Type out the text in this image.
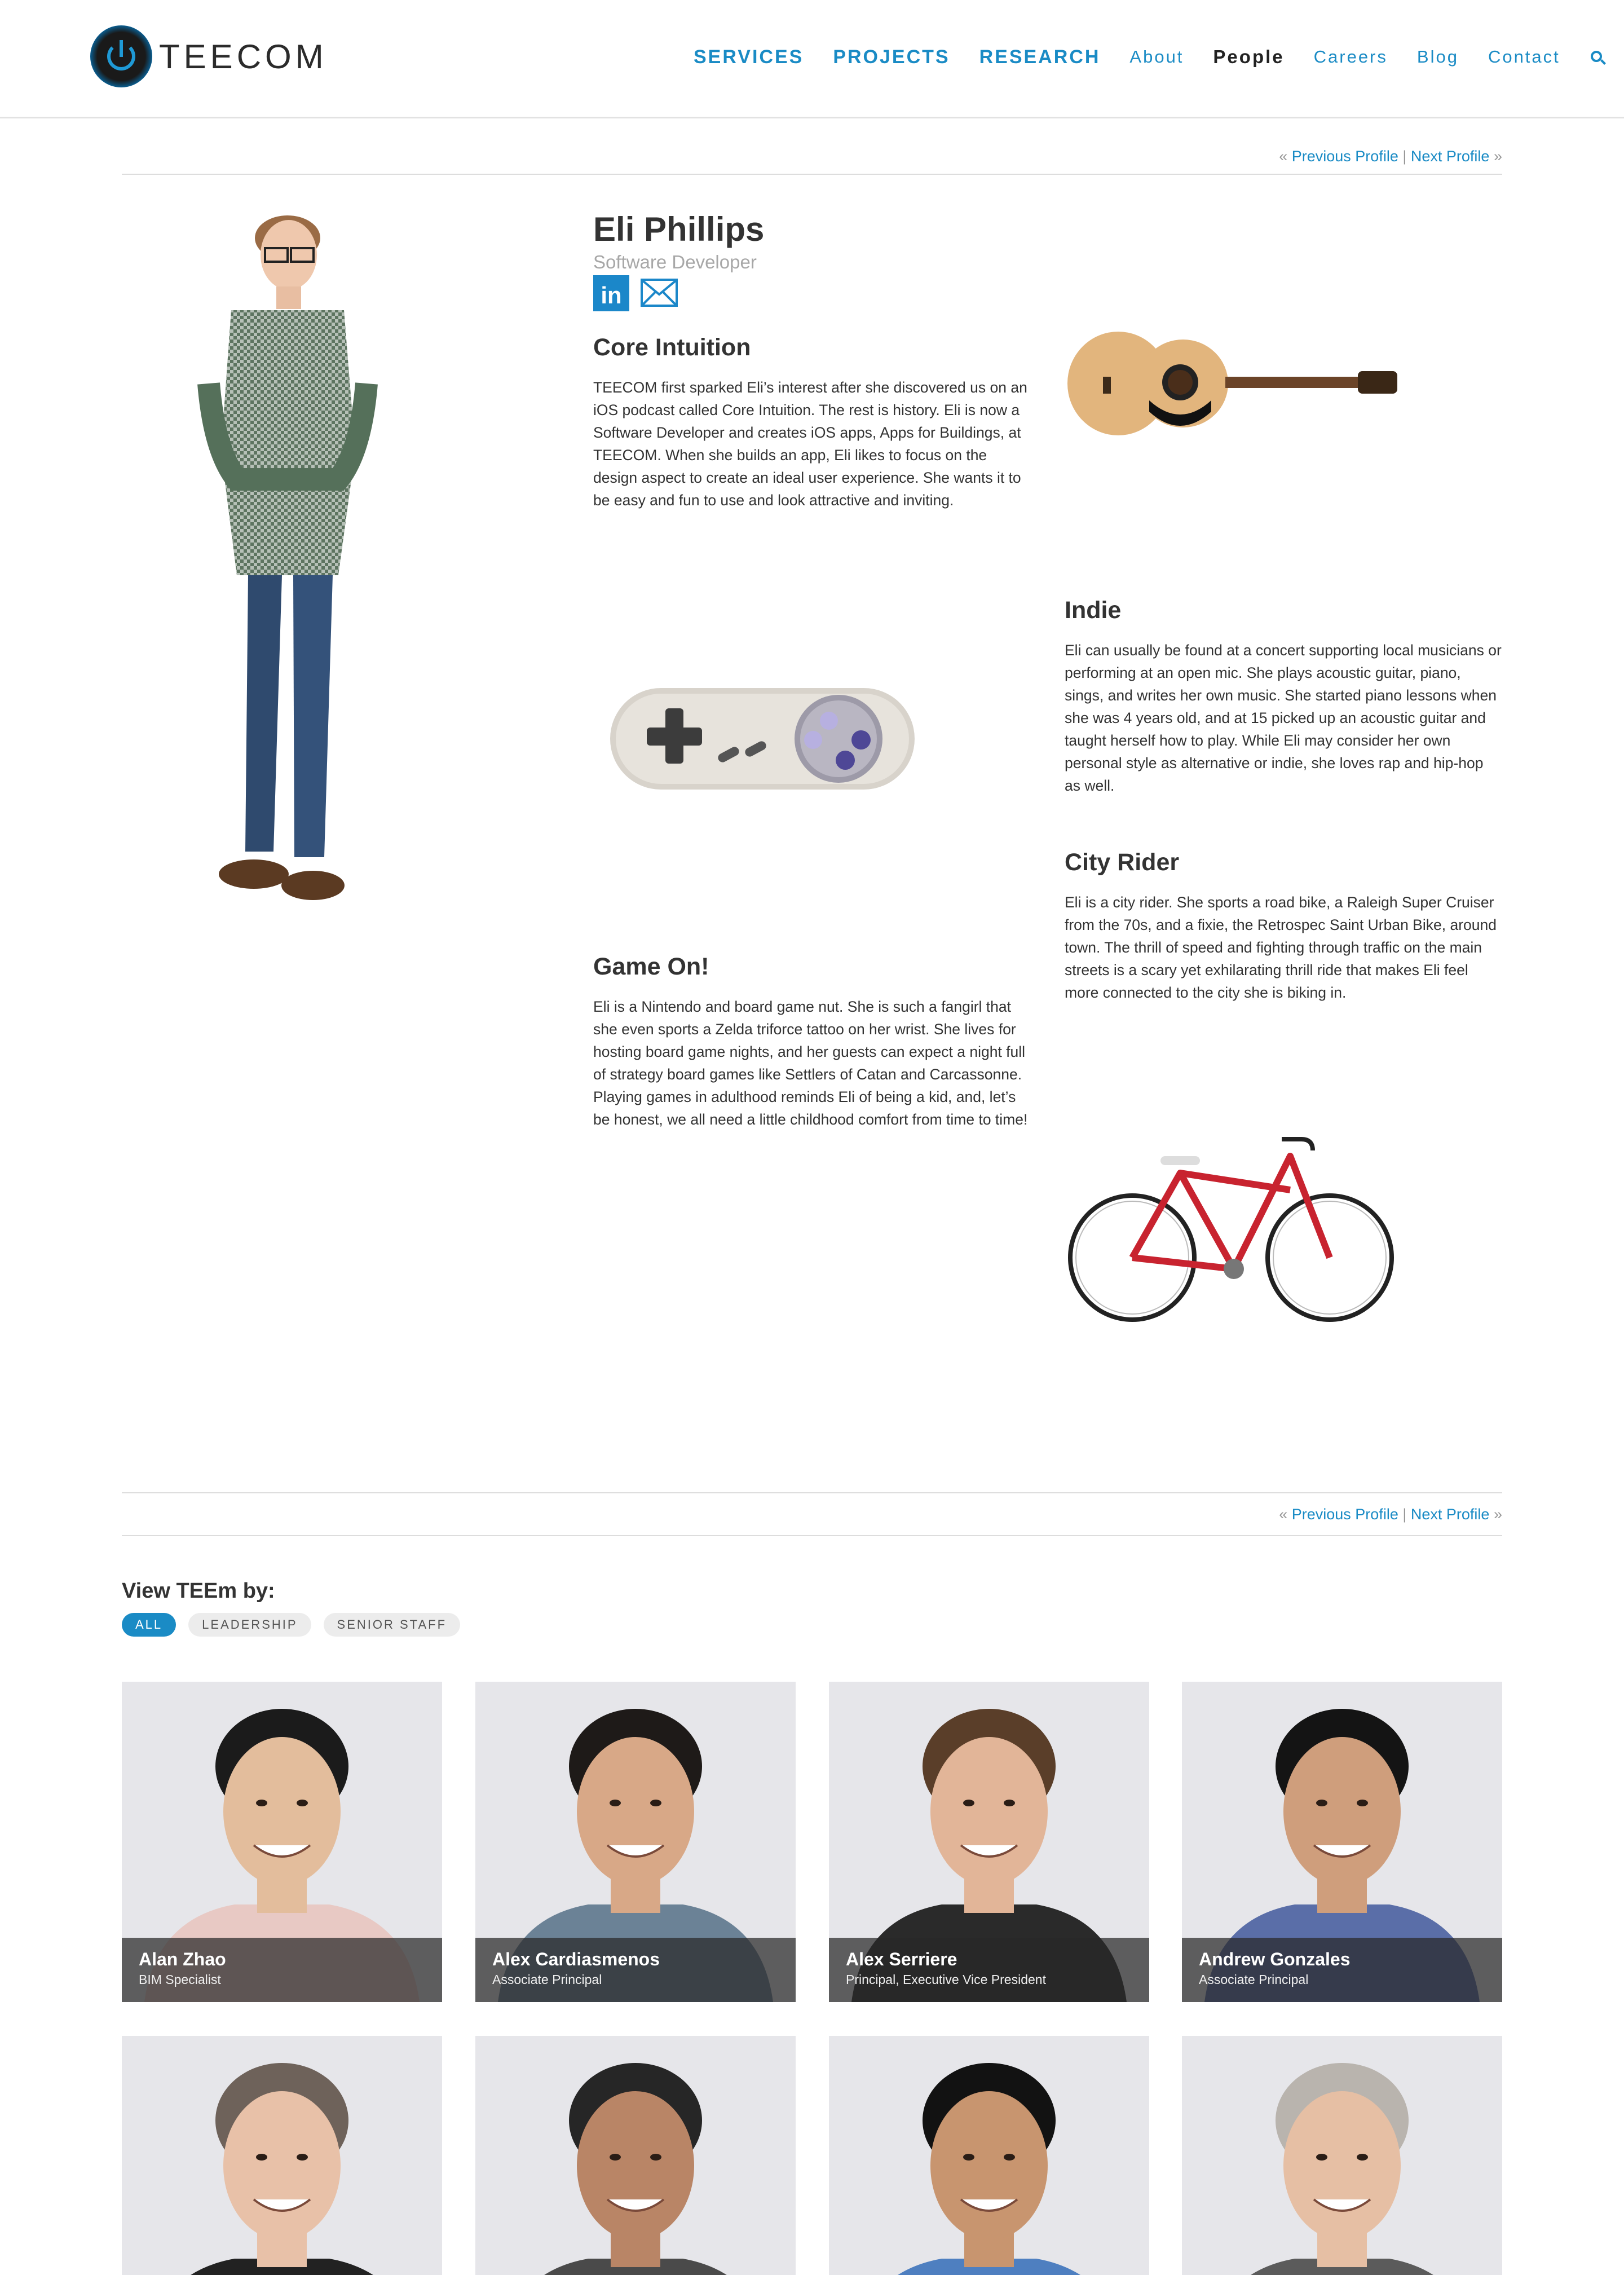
TEECOM	SERVICES PROJECTS RESEARCH About People Careers Blog Contact
« Previous Profile | Next Profile »
Eli Phillips
Software Developer
in
Core Intuition

TEECOM first sparked Eli’s interest after she discovered us on an iOS podcast called Core Intuition. The rest is history. Eli is now a Software Developer and creates iOS apps, Apps for Buildings, at TEECOM. When she builds an app, Eli likes to focus on the design aspect to create an ideal user experience. She wants it to be easy and fun to use and look attractive and inviting.

Indie

Eli can usually be found at a concert supporting local musicians or performing at an open mic. She plays acoustic guitar, piano, sings, and writes her own music. She started piano lessons when she was 4 years old, and at 15 picked up an acoustic guitar and taught herself how to play. While Eli may consider her own personal style as alternative or indie, she loves rap and hip-hop as well.

City Rider

Eli is a city rider. She sports a road bike, a Raleigh Super Cruiser from the 70s, and a fixie, the Retrospec Saint Urban Bike, around town. The thrill of speed and fighting through traffic on the main streets is a scary yet exhilarating thrill ride that makes Eli feel more connected to the city she is biking in.

Game On!

Eli is a Nintendo and board game nut. She is such a fangirl that she even sports a Zelda triforce tattoo on her wrist. She lives for hosting board game nights, and her guests can expect a night full of strategy board games like Settlers of Catan and Carcassonne. Playing games in adulthood reminds Eli of being a kid, and, let’s be honest, we all need a little childhood comfort from time to time!

« Previous Profile | Next Profile »
View TEEm by:
ALL	LEADERSHIP	SENIOR STAFF
Alan Zhao
BIM Specialist
Alex Cardiasmenos
Associate Principal
Alex Serriere
Principal, Executive Vice President
Andrew Gonzales
Associate Principal
